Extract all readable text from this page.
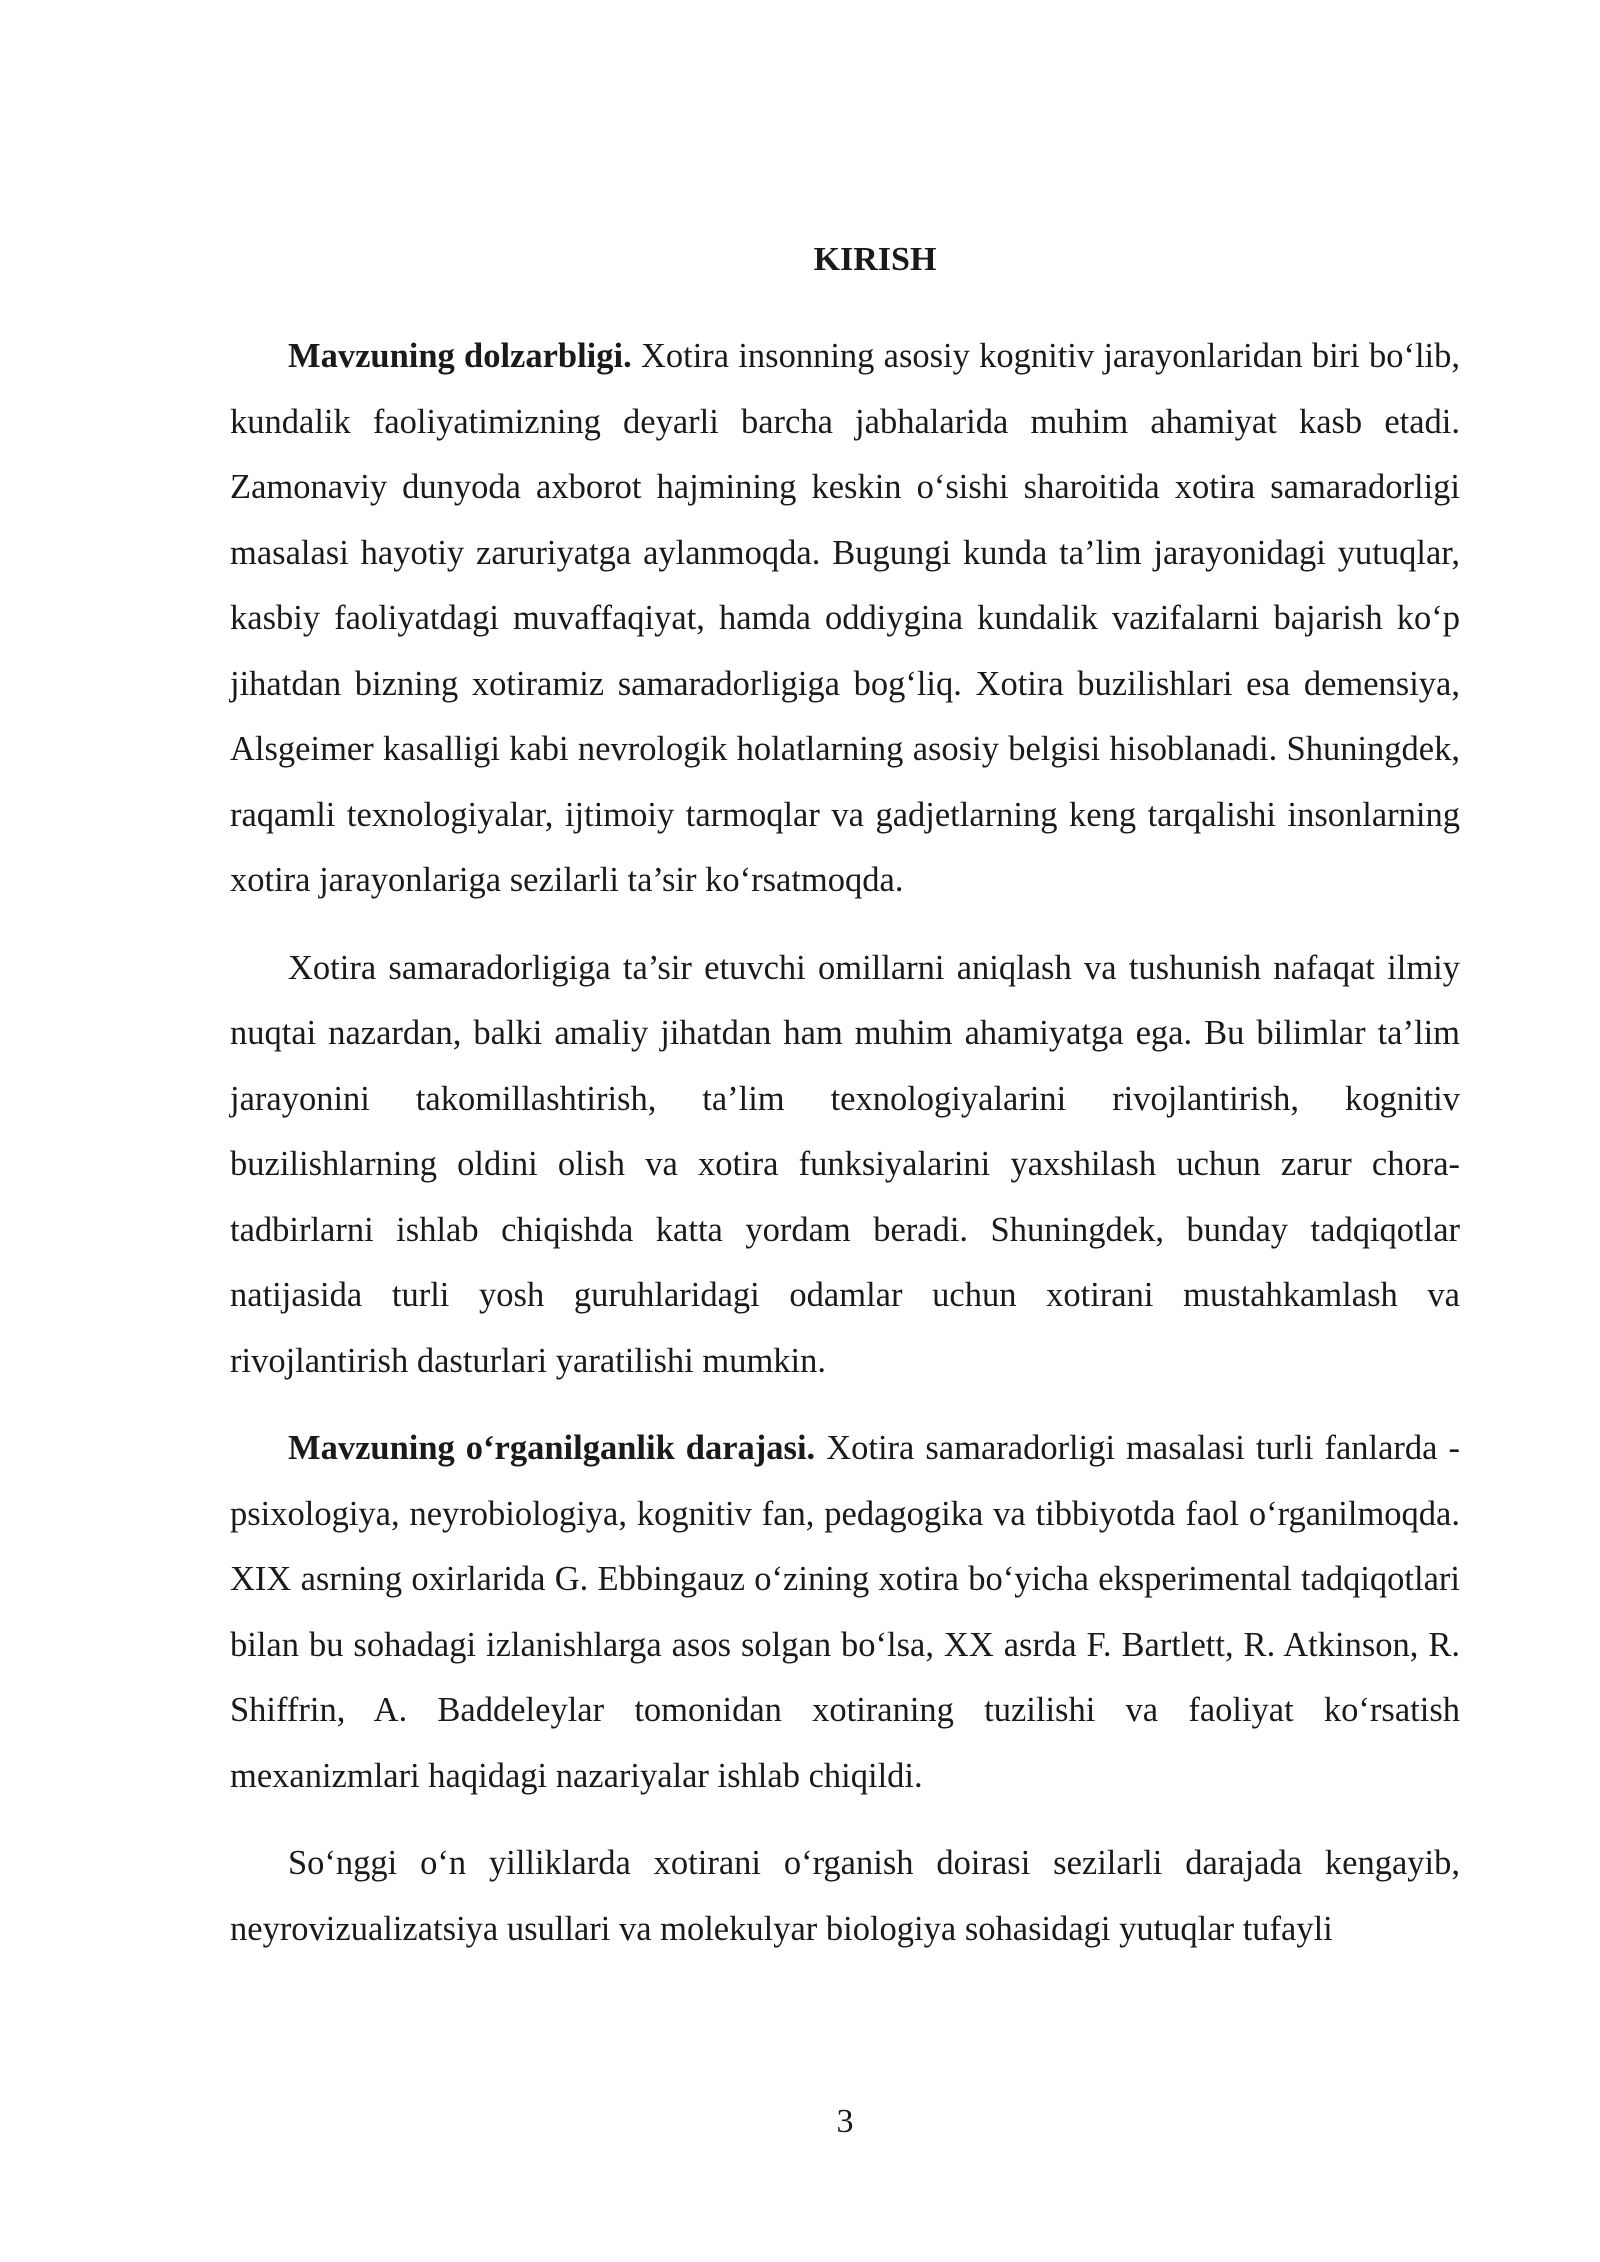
KIRISH

Mavzuning dolzarbligi. Xotira insonning asosiy kognitiv jarayonlaridan biri bo‘lib, kundalik faoliyatimizning deyarli barcha jabhalarida muhim ahamiyat kasb etadi. Zamonaviy dunyoda axborot hajmining keskin o‘sishi sharoitida xotira samaradorligi masalasi hayotiy zaruriyatga aylanmoqda. Bugungi kunda ta’lim jarayonidagi yutuqlar, kasbiy faoliyatdagi muvaffaqiyat, hamda oddiygina kundalik vazifalarni bajarish ko‘p jihatdan bizning xotiramiz samaradorligiga bog‘liq. Xotira buzilishlari esa demensiya, Alsgeimer kasalligi kabi nevrologik holatlarning asosiy belgisi hisoblanadi. Shuningdek, raqamli texnologiyalar, ijtimoiy tarmoqlar va gadjetlarning keng tarqalishi insonlarning xotira jarayonlariga sezilarli ta’sir ko‘rsatmoqda.

Xotira samaradorligiga ta’sir etuvchi omillarni aniqlash va tushunish nafaqat ilmiy nuqtai nazardan, balki amaliy jihatdan ham muhim ahamiyatga ega. Bu bilimlar ta’lim jarayonini takomillashtirish, ta’lim texnologiyalarini rivojlantirish, kognitiv buzilishlarning oldini olish va xotira funksiyalarini yaxshilash uchun zarur chora-tadbirlarni ishlab chiqishda katta yordam beradi. Shuningdek, bunday tadqiqotlar natijasida turli yosh guruhlaridagi odamlar uchun xotirani mustahkamlash va rivojlantirish dasturlari yaratilishi mumkin.

Mavzuning o‘rganilganlik darajasi. Xotira samaradorligi masalasi turli fanlarda - psixologiya, neyrobiologiya, kognitiv fan, pedagogika va tibbiyotda faol o‘rganilmoqda. XIX asrning oxirlarida G. Ebbingauz o‘zining xotira bo‘yicha eksperimental tadqiqotlari bilan bu sohadagi izlanishlarga asos solgan bo‘lsa, XX asrda F. Bartlett, R. Atkinson, R. Shiffrin, A. Baddeleylar tomonidan xotiraning tuzilishi va faoliyat ko‘rsatish mexanizmlari haqidagi nazariyalar ishlab chiqildi.

So‘nggi o‘n yilliklarda xotirani o‘rganish doirasi sezilarli darajada kengayib, neyrovizualizatsiya usullari va molekulyar biologiya sohasidagi yutuqlar tufayli

3
